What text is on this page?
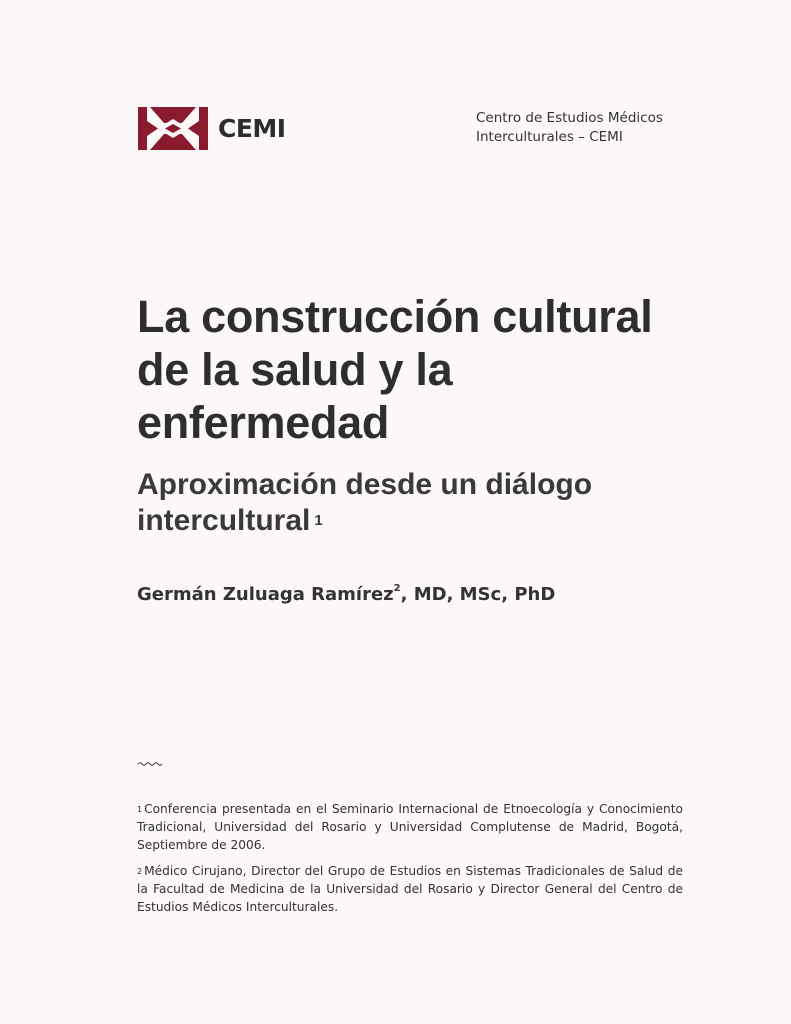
CEMI	Centro de Estudios Médicos
Interculturales – CEMI
La construcción cultural
de la salud y la
enfermedad
Aproximación desde un diálogo
intercultural $^1$
Germán Zuluaga Ramírez$^2$, MD, MSc, PhD

$^1$ Conferencia presentada en el Seminario Internacional de Etnoecología y Conocimiento Tradicional, Universidad del Rosario y Universidad Complutense de Madrid, Bogotá, Septiembre de 2006.

$^2$ Médico Cirujano, Director del Grupo de Estudios en Sistemas Tradicionales de Salud de la Facultad de Medicina de la Universidad del Rosario y Director General del Centro de Estudios Médicos Interculturales.
